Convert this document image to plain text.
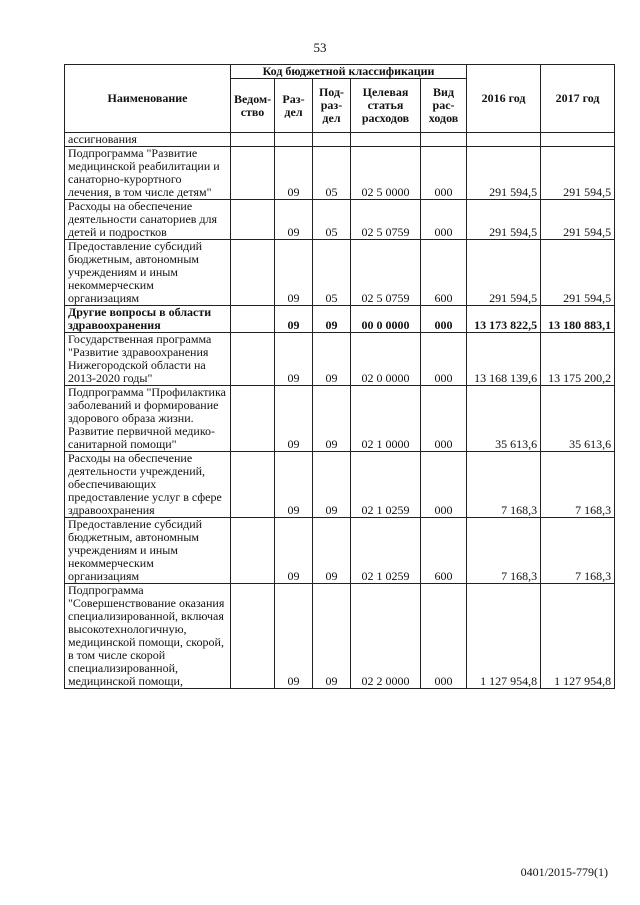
53
Наименование	Код бюджетной классификации					2016 год	2017 год
	Ведом-ство	Раз-дел	Под-раз-дел	Целевая статья расходов	Вид рас-ходов		
ассигнования							
Подпрограмма "Развитие медицинской реабилитации и санаторно-курортного лечения, в том числе детям"		09	05	02 5 0000	000	291 594,5	291 594,5
Расходы на обеспечение деятельности санаториев для детей и подростков		09	05	02 5 0759	000	291 594,5	291 594,5
Предоставление субсидий бюджетным, автономным учреждениям и иным некоммерческим организациям		09	05	02 5 0759	600	291 594,5	291 594,5
Другие вопросы в области здравоохранения		09	09	00 0 0000	000	13 173 822,5	13 180 883,1
Государственная программа "Развитие здравоохранения Нижегородской области на 2013-2020 годы"		09	09	02 0 0000	000	13 168 139,6	13 175 200,2
Подпрограмма "Профилактика заболеваний и формирование здорового образа жизни. Развитие первичной медико-санитарной помощи"		09	09	02 1 0000	000	35 613,6	35 613,6
Расходы на обеспечение деятельности учреждений, обеспечивающих предоставление услуг в сфере здравоохранения		09	09	02 1 0259	000	7 168,3	7 168,3
Предоставление субсидий бюджетным, автономным учреждениям и иным некоммерческим организациям		09	09	02 1 0259	600	7 168,3	7 168,3
Подпрограмма "Совершенствование оказания специализированной, включая высокотехнологичную, медицинской помощи, скорой, в том числе скорой специализированной, медицинской помощи,		09	09	02 2 0000	000	1 127 954,8	1 127 954,8
0401/2015-779(1)
